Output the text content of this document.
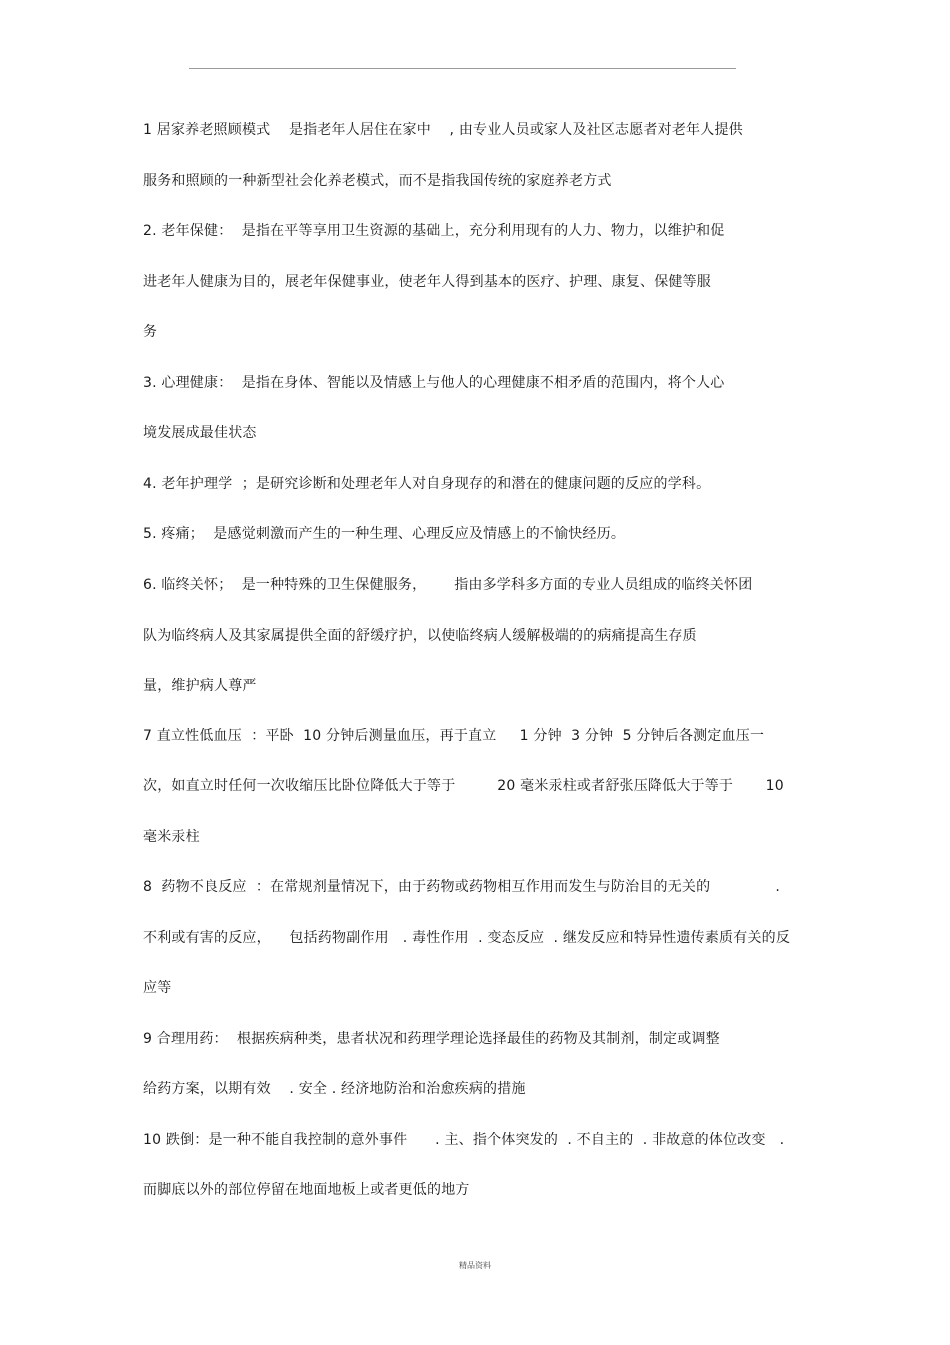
1 居家养老照顾模式    是指老年人居住在家中    , 由专业人员或家人及社区志愿者对老年人提供
服务和照顾的一种新型社会化养老模式，而不是指我国传统的家庭养老方式
2. 老年保健：  是指在平等享用卫生资源的基础上，充分利用现有的人力、物力，以维护和促
进老年人健康为目的，展老年保健事业，使老年人得到基本的医疗、护理、康复、保健等服
务
3. 心理健康：  是指在身体、智能以及情感上与他人的心理健康不相矛盾的范围内，将个人心
境发展成最佳状态
4. 老年护理学  ；是研究诊断和处理老年人对自身现存的和潜在的健康问题的反应的学科。
5. 疼痛；  是感觉刺激而产生的一种生理、心理反应及情感上的不愉快经历。
6. 临终关怀；  是一种特殊的卫生保健服务，      指由多学科多方面的专业人员组成的临终关怀团
队为临终病人及其家属提供全面的舒缓疗护，以使临终病人缓解极端的的病痛提高生存质
量，维护病人尊严
7 直立性低血压  ：平卧  10 分钟后测量血压，再于直立     1 分钟  3 分钟  5 分钟后各测定血压一
次，如直立时任何一次收缩压比卧位降低大于等于         20 毫米汞柱或者舒张压降低大于等于       10
毫米汞柱
8  药物不良反应  ：在常规剂量情况下，由于药物或药物相互作用而发生与防治目的无关的              .
不利或有害的反应，    包括药物副作用   . 毒性作用  . 变态反应  . 继发反应和特异性遗传素质有关的反
应等
9 合理用药：  根据疾病种类，患者状况和药理学理论选择最佳的药物及其制剂，制定或调整
给药方案，以期有效    . 安全 . 经济地防治和治愈疾病的措施
10 跌倒：是一种不能自我控制的意外事件      . 主、指个体突发的  . 不自主的  . 非故意的体位改变   .
而脚底以外的部位停留在地面地板上或者更低的地方
精品资料
